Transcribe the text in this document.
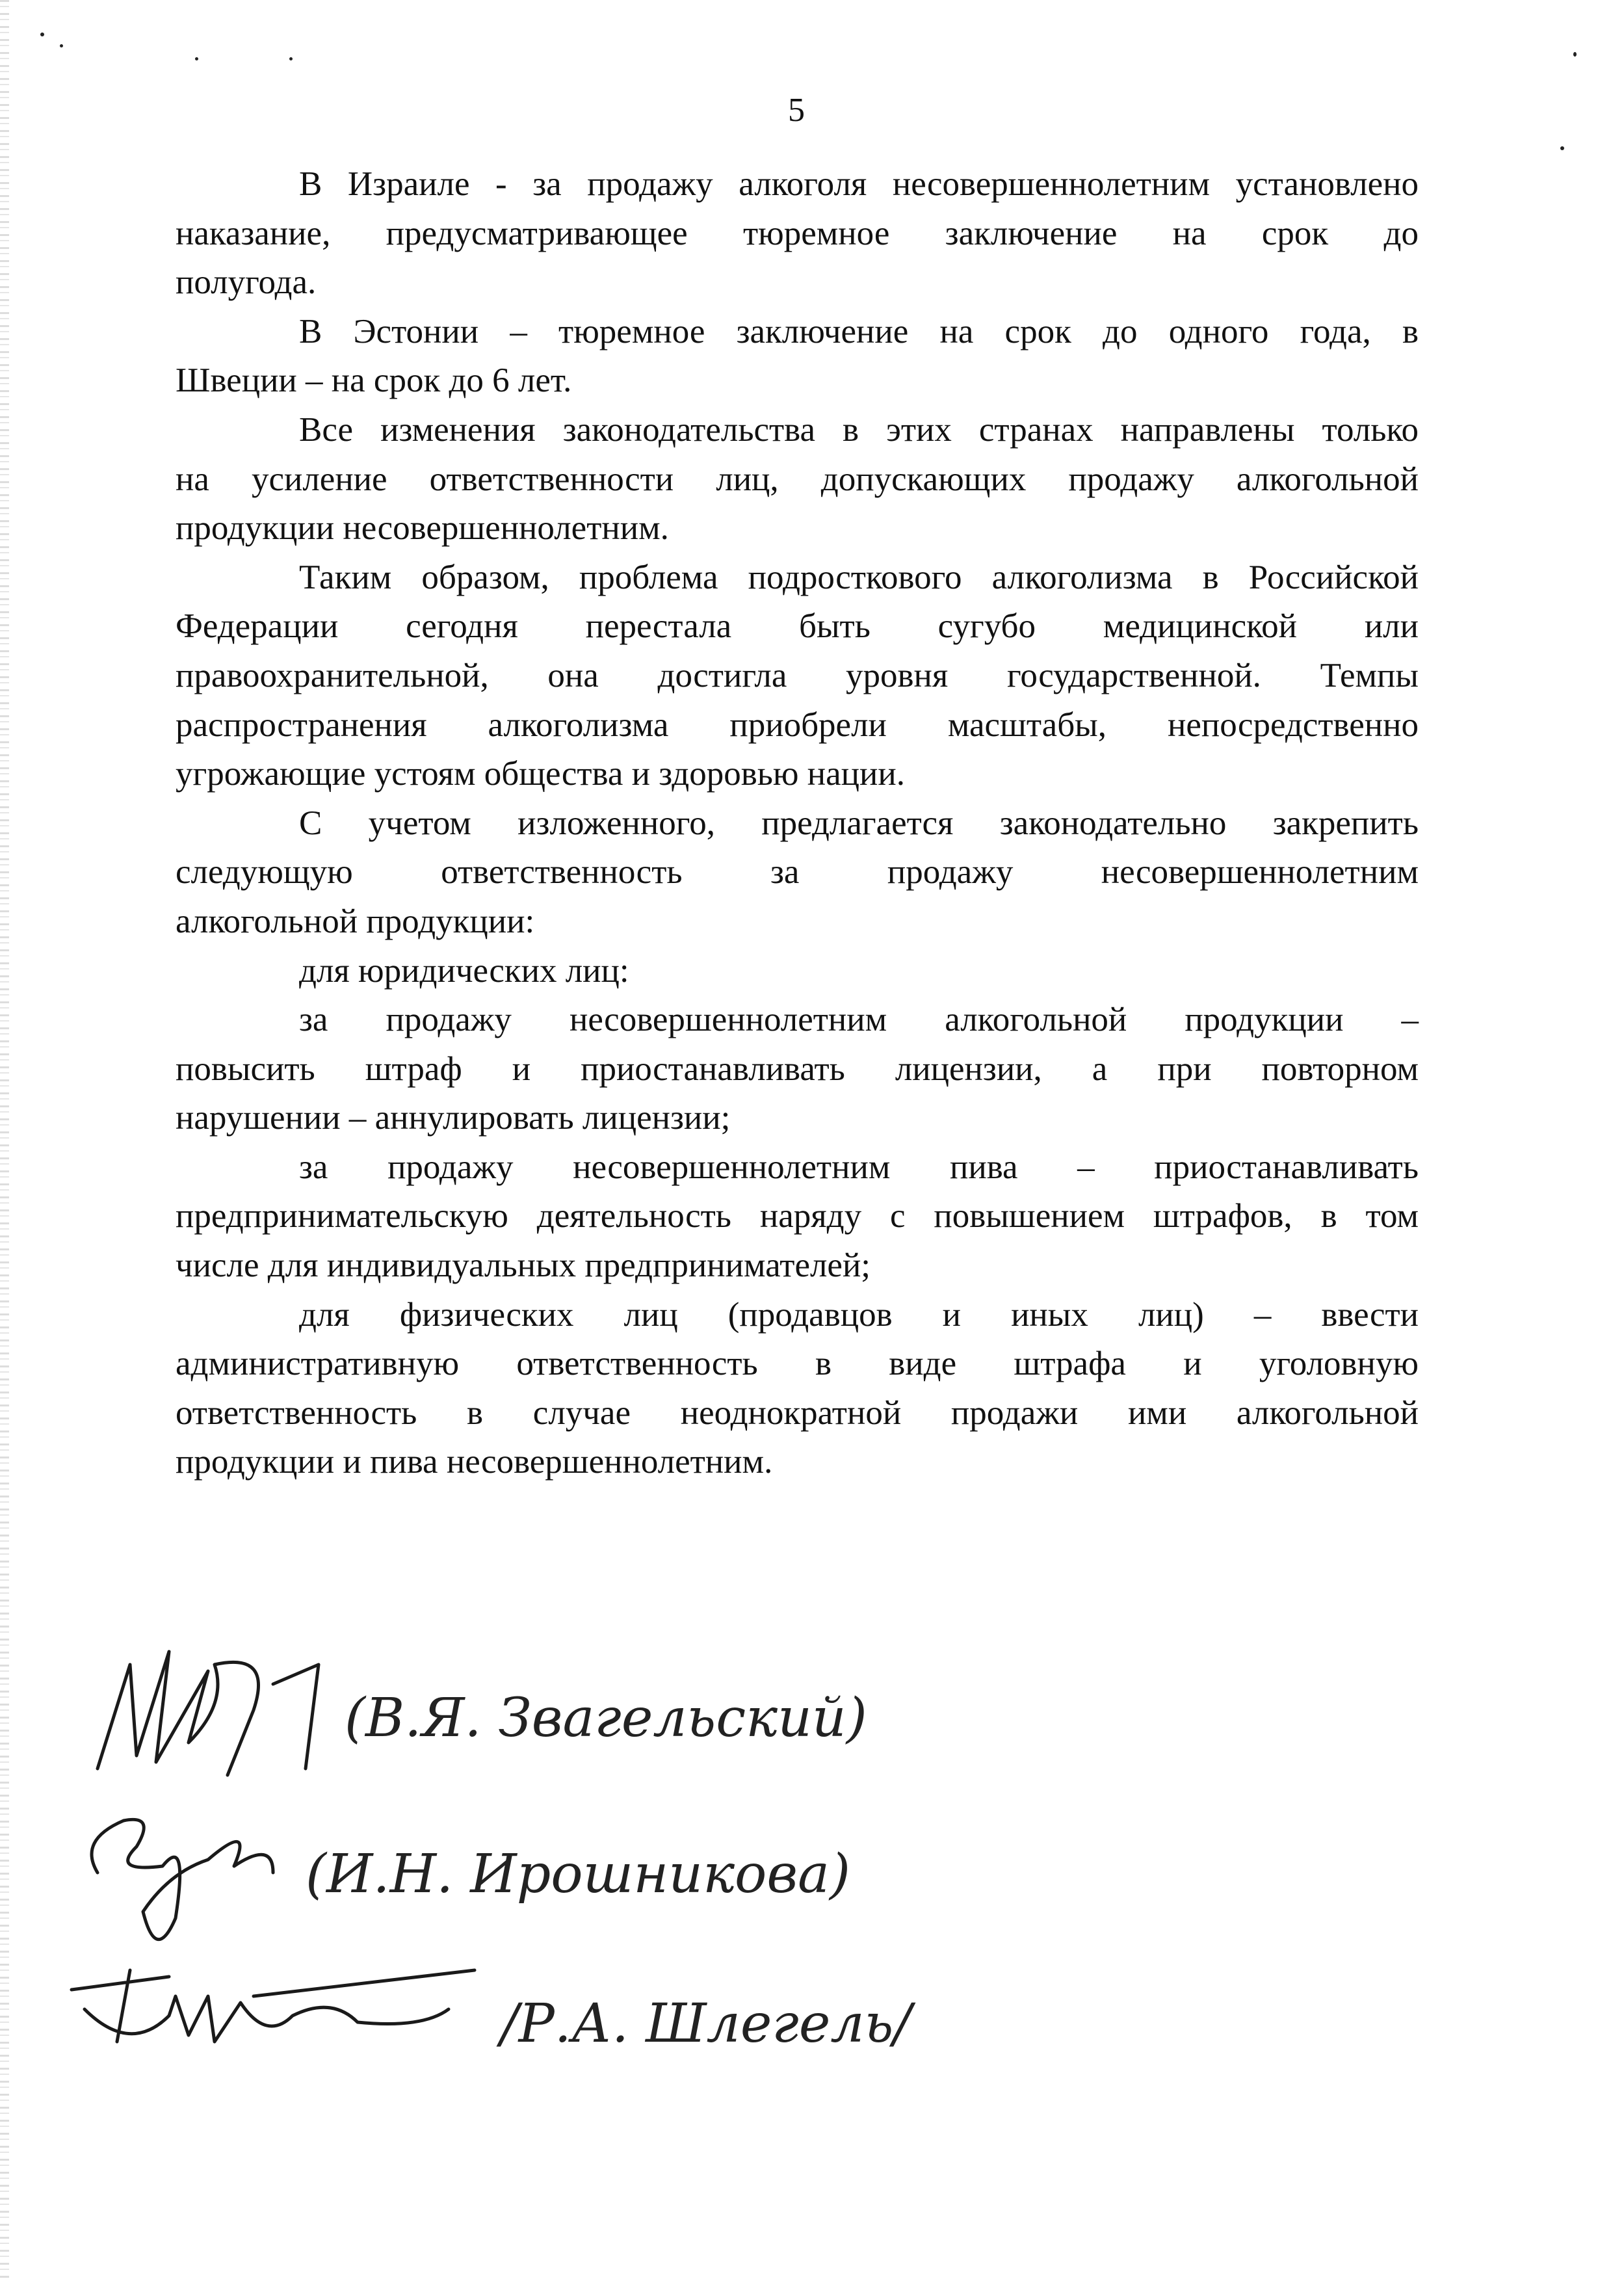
5
В Израиле - за продажу алкоголя несовершеннолетним установлено
наказание, предусматривающее тюремное заключение на срок до
полугода.
В Эстонии – тюремное заключение на срок до одного года, в
Швеции – на срок до 6 лет.
Все изменения законодательства в этих странах направлены только
на усиление ответственности лиц, допускающих продажу алкогольной
продукции несовершеннолетним.
Таким образом, проблема подросткового алкоголизма в Российской
Федерации сегодня перестала быть сугубо медицинской или
правоохранительной, она достигла уровня государственной. Темпы
распространения алкоголизма приобрели масштабы, непосредственно
угрожающие устоям общества и здоровью нации.
С учетом изложенного, предлагается законодательно закрепить
следующую ответственность за продажу несовершеннолетним
алкогольной продукции:
для юридических лиц:
за продажу несовершеннолетним алкогольной продукции –
повысить штраф и приостанавливать лицензии, а при повторном
нарушении – аннулировать лицензии;
за продажу несовершеннолетним пива – приостанавливать
предпринимательскую деятельность наряду с повышением штрафов, в том
числе для индивидуальных предпринимателей;
для физических лиц (продавцов и иных лиц) – ввести
административную ответственность в виде штрафа и уголовную
ответственность в случае неоднократной продажи ими алкогольной
продукции и пива несовершеннолетним.
(В.Я. Звагельский)
(И.Н. Ирошникова)
/Р.А. Шлегель/
